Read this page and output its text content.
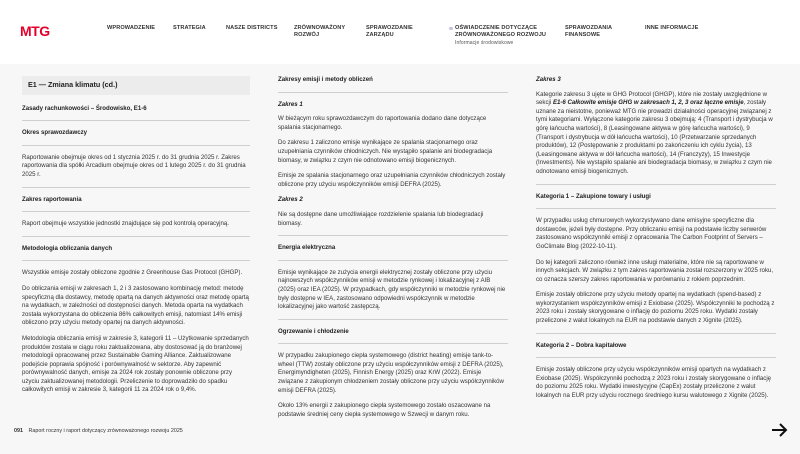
MTG	WPROWADZENIE	STRATEGIA	NASZE DISTRICTS	ZRÓWNOWAŻONY ROZWÓJ
SPRAWOZDANIE ZARZĄDU
OŚWIADCZENIE DOTYCZĄCE ZRÓWNOWAŻONEGO ROZWOJU
Informacje środowiskowe
SPRAWOZDANIA FINANSOWE
INNE INFORMACJE
E1 — Zmiana klimatu (cd.)
Zasady rachunkowości – Środowisko, E1-6
Okres sprawozdawczy
Raportowanie obejmuje okres od 1 stycznia 2025 r. do 31 grudnia 2025 r. Zakres raportowania dla spółki Arcadium obejmuje okres od 1 lutego 2025 r. do 31 grudnia 2025 r.
Zakres raportowania
Raport obejmuje wszystkie jednostki znajdujące się pod kontrolą operacyjną.
Metodologia obliczania danych
Wszystkie emisje zostały obliczone zgodnie z Greenhouse Gas Protocol (GHGP).
Do obliczania emisji w zakresach 1, 2 i 3 zastosowano kombinację metod: metodę specyficzną dla dostawcy, metodę opartą na danych aktywności oraz metodę opartą na wydatkach, w zależności od dostępności danych. Metoda oparta na wydatkach została wykorzystana do obliczenia 86% całkowitych emisji, natomiast 14% emisji obliczono przy użyciu metody opartej na danych aktywności.
Metodologia obliczania emisji w zakresie 3, kategorii 11 – Użytkowanie sprzedanych produktów została w ciągu roku zaktualizowana, aby dostosować ją do branżowej metodologii opracowanej przez Sustainable Gaming Alliance. Zaktualizowane podejście poprawia spójność i porównywalność w sektorze. Aby zapewnić porównywalność danych, emisje za 2024 rok zostały ponownie obliczone przy użyciu zaktualizowanej metodologii. Przeliczenie to doprowadziło do spadku całkowitych emisji w zakresie 3, kategorii 11 za 2024 rok o 9,4%.
Zakresy emisji i metody obliczeń
Zakres 1
W bieżącym roku sprawozdawczym do raportowania dodano dane dotyczące spalania stacjonarnego.
Do zakresu 1 zaliczono emisje wynikające ze spalania stacjonarnego oraz uzupełniania czynników chłodniczych. Nie wystąpiło spalanie ani biodegradacja biomasy, w związku z czym nie odnotowano emisji biogenicznych.
Emisje ze spalania stacjonarnego oraz uzupełniania czynników chłodniczych zostały obliczone przy użyciu współczynników emisji DEFRA (2025).
Zakres 2
Nie są dostępne dane umożliwiające rozdzielenie spalania lub biodegradacji biomasy.
Energia elektryczna
Emisje wynikające ze zużycia energii elektrycznej zostały obliczone przy użyciu najnowszych współczynników emisji w metodzie rynkowej i lokalizacyjnej z AIB (2025) oraz IEA (2025). W przypadkach, gdy współczynniki w metodzie rynkowej nie były dostępne w IEA, zastosowano odpowiedni współczynnik w metodzie lokalizacyjnej jako wartość zastępczą.
Ogrzewanie i chłodzenie
W przypadku zakupionego ciepła systemowego (district heating) emisje tank-to-wheel (TTW) zostały obliczone przy użyciu współczynników emisji z DEFRA (2025), Energimyndigheten (2025), Finnish Energy (2025) oraz KrW (2022). Emisje związane z zakupionym chłodzeniem zostały obliczone przy użyciu współczynników emisji DEFRA (2025).
Około 13% energii z zakupionego ciepła systemowego zostało oszacowane na podstawie średniej ceny ciepła systemowego w Szwecji w danym roku.
Zakres 3
Kategorie zakresu 3 ujęte w GHG Protocol (GHGP), które nie zostały uwzględnione w sekcji E1-6 Całkowite emisje GHG w zakresach 1, 2, 3 oraz łączne emisje, zostały uznane za nieistotne, ponieważ MTG nie prowadzi działalności operacyjnej związanej z tymi kategoriami. Wyłączone kategorie zakresu 3 obejmują: 4 (Transport i dystrybucja w górę łańcucha wartości), 8 (Leasingowane aktywa w górę łańcucha wartości), 9 (Transport i dystrybucja w dół łańcucha wartości), 10 (Przetwarzanie sprzedanych produktów), 12 (Postępowanie z produktami po zakończeniu ich cyklu życia), 13 (Leasingowane aktywa w dół łańcucha wartości), 14 (Franczyzy), 15 Inwestycje (Investments). Nie wystąpiło spalanie ani biodegradacja biomasy, w związku z czym nie odnotowano emisji biogenicznych.
Kategoria 1 – Zakupione towary i usługi
W przypadku usług chmurowych wykorzystywano dane emisyjne specyficzne dla dostawców, jeżeli były dostępne. Przy obliczaniu emisji na podstawie liczby serwerów zastosowano współczynniki emisji z opracowania The Carbon Footprint of Servers – GoClimate Blog (2022-10-11).
Do tej kategorii zaliczono również inne usługi materialne, które nie są raportowane w innych sekcjach. W związku z tym zakres raportowania został rozszerzony w 2025 roku, co oznacza szerszy zakres raportowania w porównaniu z rokiem poprzednim.
Emisje zostały obliczone przy użyciu metody opartej na wydatkach (spend-based) z wykorzystaniem współczynników emisji z Exiobase (2025). Współczynniki te pochodzą z 2023 roku i zostały skorygowane o inflację do poziomu 2025 roku. Wydatki zostały przeliczone z walut lokalnych na EUR na podstawie danych z Xignite (2025).
Kategoria 2 – Dobra kapitałowe
Emisje zostały obliczone przy użyciu współczynników emisji opartych na wydatkach z Exiobase (2025). Współczynniki pochodzą z 2023 roku i zostały skorygowane o inflację do poziomu 2025 roku. Wydatki inwestycyjne (CapEx) zostały przeliczone z walut lokalnych na EUR przy użyciu rocznego średniego kursu walutowego z Xignite (2025).
091 Raport roczny i raport dotyczący zrównoważonego rozwoju 2025
